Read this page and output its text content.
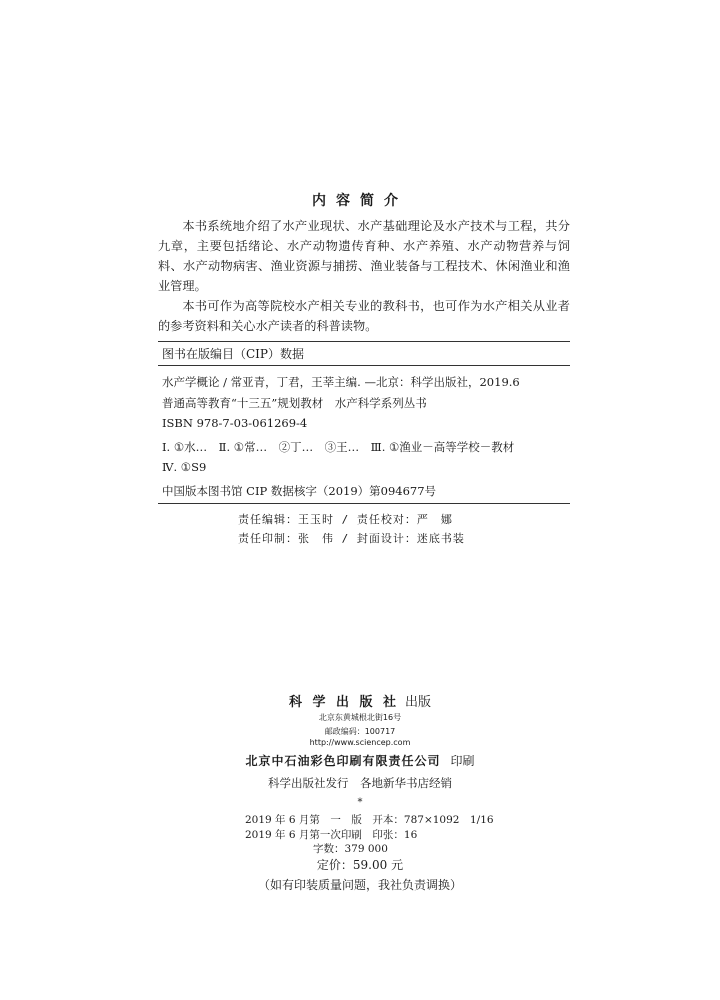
内容简介

本书系统地介绍了水产业现状、水产基础理论及水产技术与工程，共分九章，主要包括绪论、水产动物遗传育种、水产养殖、水产动物营养与饲料、水产动物病害、渔业资源与捕捞、渔业装备与工程技术、休闲渔业和渔业管理。

本书可作为高等院校水产相关专业的教科书，也可作为水产相关从业者的参考资料和关心水产读者的科普读物。

图书在版编目（CIP）数据
水产学概论 / 常亚青，丁君，王莘主编. —北京：科学出版社，2019.6
普通高等教育“十三五”规划教材　水产科学系列丛书
ISBN 978-7-03-061269-4
Ⅰ. ①水…　Ⅱ. ①常…　②丁…　③王…　Ⅲ. ①渔业－高等学校－教材
Ⅳ. ①S9
中国版本图书馆 CIP 数据核字（2019）第094677号
责任编辑：王玉时 / 责任校对：严　娜
责任印制：张　伟 / 封面设计：迷底书装
科 学 出 版 社 出版
北京东黄城根北街16号
邮政编码：100717
http://www.sciencep.com
北京中石油彩色印刷有限责任公司 印刷
科学出版社发行　各地新华书店经销
*
2019 年 6 月第　一　版　开本：787×1092　1/16
2019 年 6 月第一次印刷　印张：16
字数：379 000
定价：59.00 元
（如有印装质量问题，我社负责调换）
